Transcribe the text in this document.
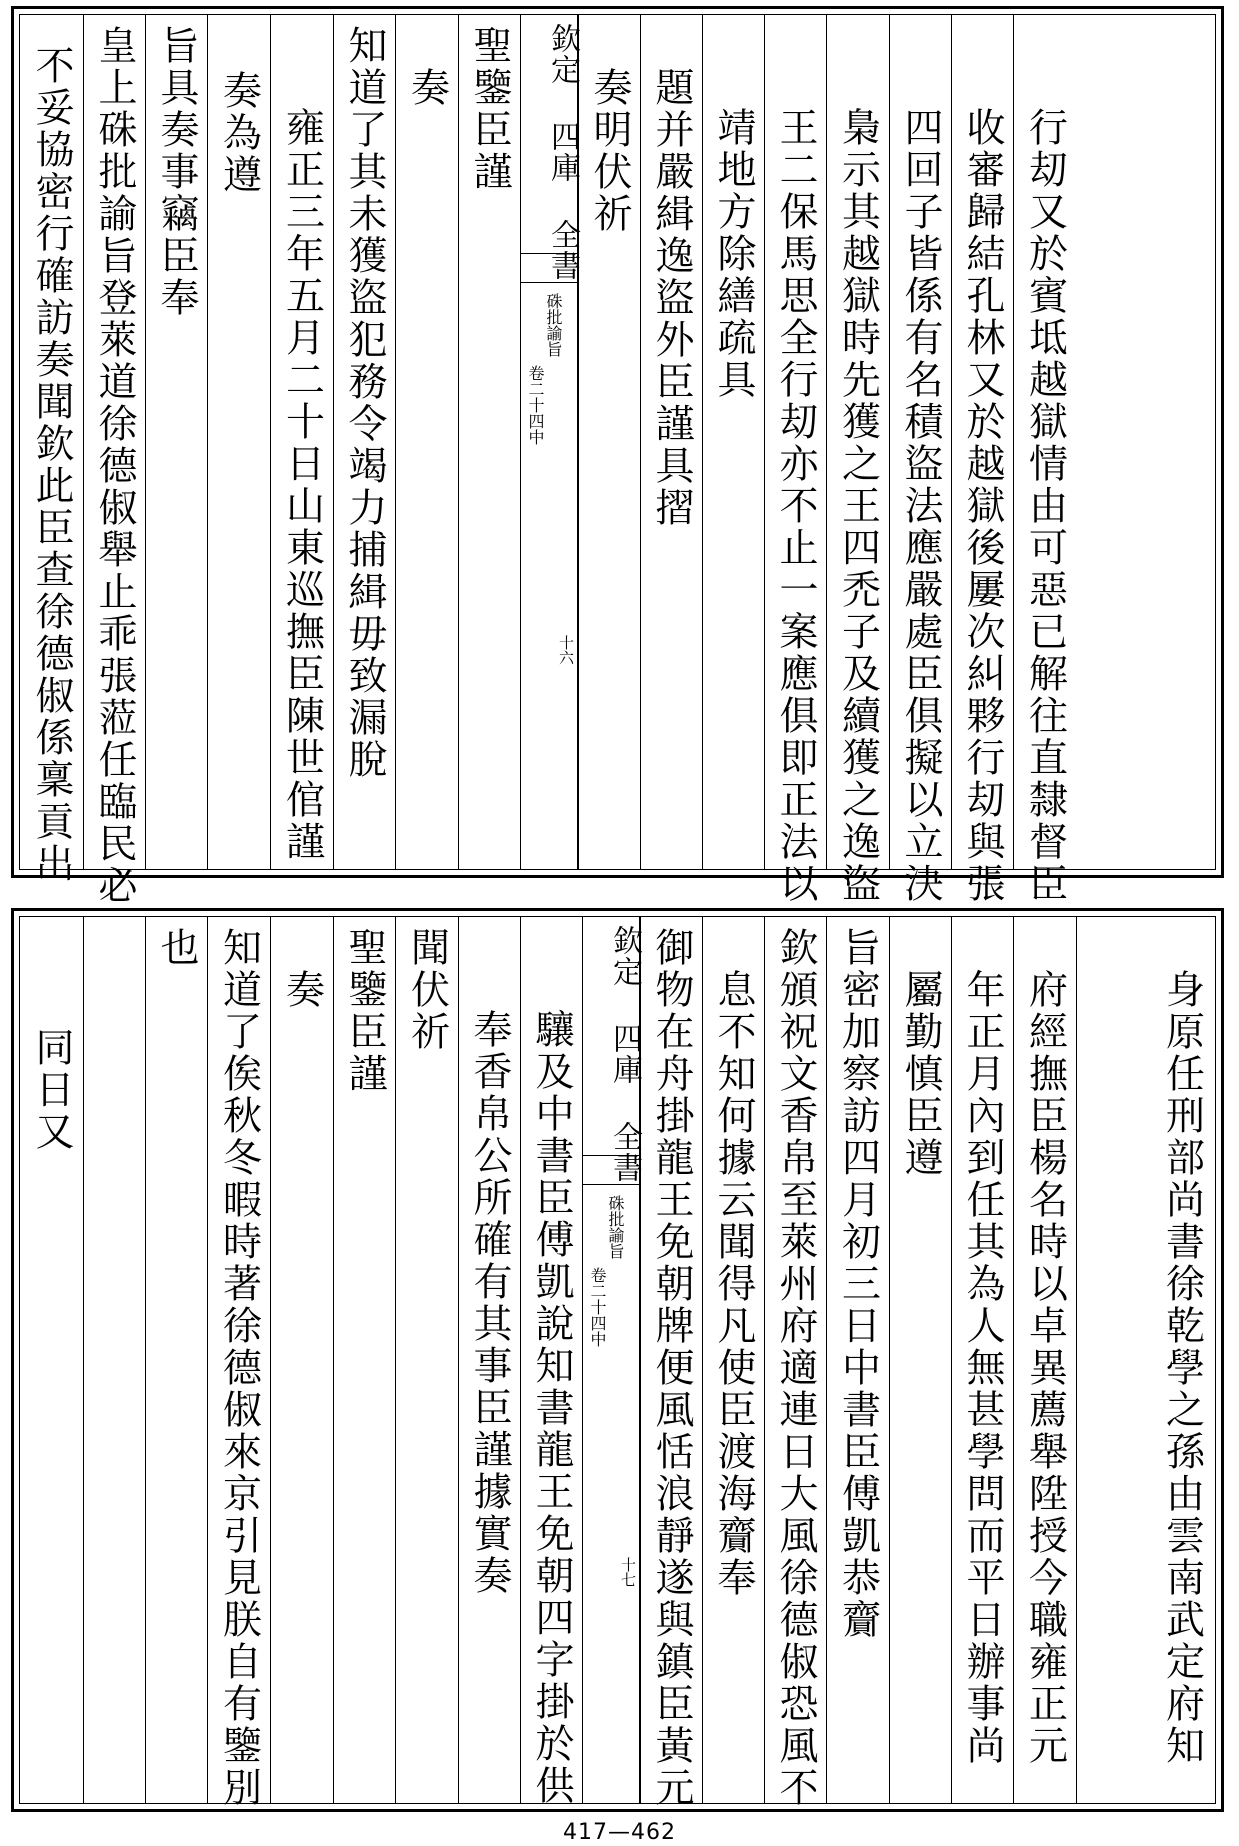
不妥協密行確訪奏聞欽此臣查徐德俶係稟貢出 皇上硃批諭旨登萊道徐德俶舉止乖張蒞任臨民必 旨具奏事竊臣奉 奏為遵 雍正三年五月二十日山東巡撫臣陳世倌謹 知道了其未獲盜犯務令竭力捕緝毋致漏脫 奏 聖鑒臣謹	欽定 四庫 全書
硃批諭旨
卷二十四中
十六
奏明伏祈 題并嚴緝逸盜外臣謹具摺 靖地方除繕疏具 王二保馬思全行刧亦不止一案應俱即正法以 梟示其越獄時先獲之王四禿子及續獲之逸盜 四回子皆係有名積盜法應嚴處臣俱擬以立決 收審歸結孔林又於越獄後屢次糾夥行刧與張 行刧又於賓坻越獄情由可惡已解往直隸督臣
同日又
也 知道了俟秋冬暇時著徐德俶來京引見朕自有鑒別 奏 聖鑒臣謹 聞伏祈
奉香帛公所確有其事臣謹據實奏 驤及中書臣傅凱說知書龍王免朝四字掛於供
欽定 四庫 全書
硃批諭旨
卷二十四中
十七 御物在舟掛龍王免朝牌便風恬浪靜遂與鎮臣黃元 息不知何據云聞得凡使臣渡海齎奉 欽頒祝文香帛至萊州府適連日大風徐德俶恐風不 旨密加察訪四月初三日中書臣傅凱恭齎 屬勤慎臣遵 年正月內到任其為人無甚學問而平日辦事尚 府經撫臣楊名時以卓異薦舉陞授今職雍正元	身原任刑部尚書徐乾學之孫由雲南武定府知
417—462
